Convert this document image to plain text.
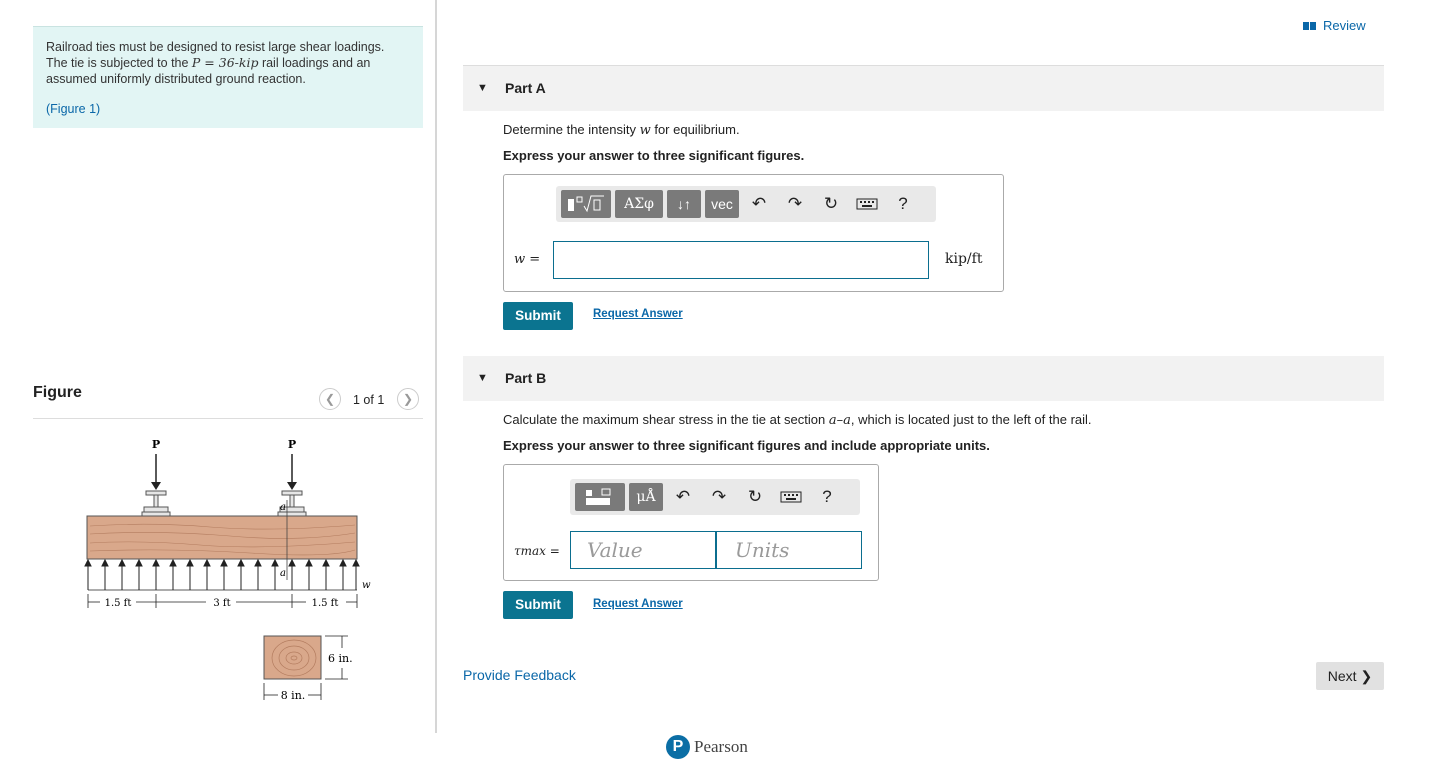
Railroad ties must be designed to resist large shear loadings.

The tie is subjected to the P = 36-kip rail loadings and an

assumed uniformly distributed ground reaction.

(Figure 1)

Figure	❮	1 of 1	❯
P	P
a
a
w
1.5 ft	3 ft	1.5 ft
6 in.
8 in.
Review
▼ Part A
Determine the intensity w for equilibrium.
Express your answer to three significant figures.
ΑΣφ	↓↑	vec	↶	↷	↻	?
w =	kip/ft
Submit	Request Answer
▼ Part B
Calculate the maximum shear stress in the tie at section a–a, which is located just to the left of the rail.
Express your answer to three significant figures and include appropriate units.
μÅ	↶	↷	↻	?
τmax =	Value	Units
Submit	Request Answer
Provide Feedback	Next ❯
P Pearson
